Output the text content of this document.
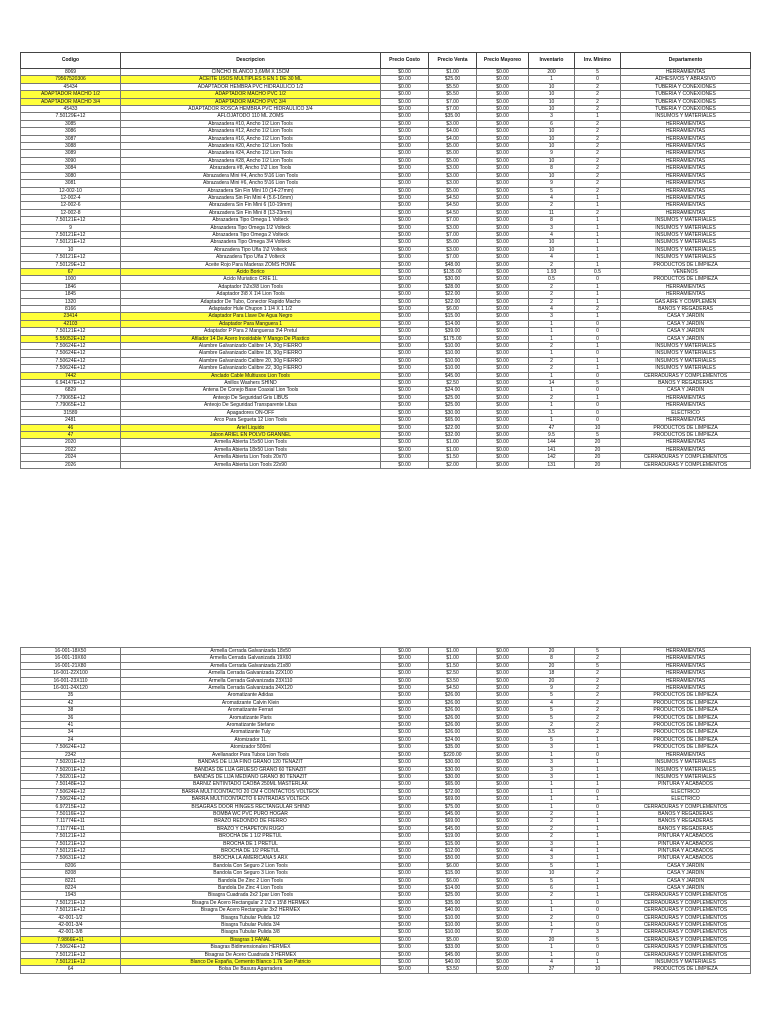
Codigo	Descripcion	Precio Costo	Precio Venta	Precio Mayoreo	Inventario	Inv. Minimo	Departamento
8069	CINCHO BLANCO 3,6MM X 15CM	$0.00	$1.00	$0.00	200	5	HERRAMIENTAS
79567520306	ACEITE USOS MULTIPLES 5 EN 1 DE 30 ML	$0.00	$25.00	$0.00	1	0	ADHESIVOS Y ABRASIVO
45434	ADAPTADOR HEMBRA PVC HIDRAULICO 1/2	$0.00	$5.50	$0.00	10	2	TUBERIA Y CONEXIONES
ADAPTADOR MACHO 1/2	ADAPTADOR MACHO PVC 1/2	$0.00	$5.50	$0.00	10	2	TUBERIA Y CONEXIONES
ADAPTADOR MACHO 3/4	ADAPTADOR MACHO PVC 3/4	$0.00	$7.00	$0.00	10	2	TUBERIA Y CONEXIONES
45433	ADAPTADOR ROSCA HEMBRA PVC HIDRAULICO 3/4	$0.00	$7.00	$0.00	10	2	TUBERIA Y CONEXIONES
7.50129E+12	AFLOJATODO 110 ML ZOMS	$0.00	$35.00	$0.00	3	1	INSUMOS Y MATERIALES
3085	Abrazadera #10, Ancho 1\2 Lion Tools	$0.00	$3.00	$0.00	6	2	HERRAMIENTAS
3086	Abrazadera #12, Ancho 1\2 Lion Tools	$0.00	$4.00	$0.00	10	2	HERRAMIENTAS
3087	Abrazadera #16, Ancho 1\2 Lion Tools	$0.00	$4.00	$0.00	10	2	HERRAMIENTAS
3088	Abrazadera #20, Ancho 1\2 Lion Tools	$0.00	$5.00	$0.00	10	2	HERRAMIENTAS
3089	Abrazadera #24, Ancho 1\2 Lion Tools	$0.00	$5.00	$0.00	9	2	HERRAMIENTAS
3090	Abrazadera #28, Ancho 1\2 Lion Tools	$0.00	$5.00	$0.00	10	2	HERRAMIENTAS
3084	Abrazadera #8, Ancho 1\2 Lion Tools	$0.00	$3.00	$0.00	8	2	HERRAMIENTAS
3080	Abrazadera Mini #4, Ancho 5\16 Lion Tools	$0.00	$3.00	$0.00	10	2	HERRAMIENTAS
3081	Abrazadera Mini #6, Ancho 5\16 Lion Tools	$0.00	$3.00	$0.00	9	2	HERRAMIENTAS
12-002-10	Abrazadera Sin Fin Mini 10 (14-27mm)	$0.00	$5.00	$0.00	5	2	HERRAMIENTAS
12-002-4	Abrazadera Sin Fin Mini 4 (5.6-16mm)	$0.00	$4.50	$0.00	4	1	HERRAMIENTAS
12-002-6	Abrazadera Sin Fin Mini 6 (10-19mm)	$0.00	$4.50	$0.00	2	1	HERRAMIENTAS
12-002-8	Abrazadera Sin Fin Mini 8 (13-23mm)	$0.00	$4.50	$0.00	11	2	HERRAMIENTAS
7.50121E+12	Abrazadera Tipo Omega 1 Volteck	$0.00	$7.00	$0.00	8	1	INSUMOS Y MATERIALES
9	Abrazadera Tipo Omega 1\2 Volteck	$0.00	$3.00	$0.00	3	1	INSUMOS Y MATERIALES
7.50121E+12	Abrazadera Tipo Omega 2 Volteck	$0.00	$7.00	$0.00	4	1	INSUMOS Y MATERIALES
7.50121E+12	Abrazadera Tipo Omega 3\4 Volteck	$0.00	$5.00	$0.00	10	1	INSUMOS Y MATERIALES
10	Abrazadera Tipo Uña 1\2 Volteck	$0.00	$3.00	$0.00	10	1	INSUMOS Y MATERIALES
7.50121E+12	Abrazadera Tipo Uña 2 Volteck	$0.00	$7.00	$0.00	4	1	INSUMOS Y MATERIALES
7.50129E+12	Aceite Rojo Para Maderas ZOMS HOME	$0.00	$48.00	$0.00	2	1	PRODUCTOS DE LIMPIEZA
67	Acido Borico	$0.00	$135.00	$0.00	1.93	0.5	VENENOS
1000	Acido Muriatico CRIE 1L	$0.00	$30.00	$0.00	0.5	0	PRODUCTOS DE LIMPIEZA
1846	Adaptador 1\2x3\8 Lion Tools	$0.00	$28.00	$0.00	2	1	HERRAMIENTAS
1845	Adaptador 3\8 X 1\4 Lion Tools	$0.00	$22.00	$0.00	2	1	HERRAMIENTAS
1320	Adaptador De Tubo, Conector Rapido Macho	$0.00	$22.00	$0.00	2	1	GAS AIRE Y COMPLEMEN
8166	Adaptador Hule Chupon 1 1/4 X 1 1/2	$0.00	$6.00	$0.00	4	2	BAÑOS Y REGADERAS
23414	Adaptador Para Llave De Agua Negro	$0.00	$15.00	$0.00	3	1	CASA Y JARDIN
42103	Adaptador Para Manguera 1	$0.00	$14.00	$0.00	1	0	CASA Y JARDIN
7.50121E+12	Adaptador P Para 2 Mangueras 3\4 Pretul	$0.00	$39.00	$0.00	1	0	CASA Y JARDIN
5.55052E+12	Afilador 14 De Acero Inoxidable Y Mango De Plastico	$0.00	$175.00	$0.00	1	0	CASA Y JARDIN
7.50624E+12	Alambre Galvanizado Calibre 14, 30g FIERRO	$0.00	$10.00	$0.00	2	1	INSUMOS Y MATERIALES
7.50624E+12	Alambre Galvanizado Calibre 18, 30g FIERRO	$0.00	$10.00	$0.00	1	0	INSUMOS Y MATERIALES
7.50624E+12	Alambre Galvanizado Calibre 20, 30g FIERRO	$0.00	$10.00	$0.00	2	1	INSUMOS Y MATERIALES
7.50624E+12	Alambre Galvanizado Calibre 22, 30g FIERRO	$0.00	$10.00	$0.00	2	1	INSUMOS Y MATERIALES
7442	Anclado Cable Multiusos Lion Tools	$0.00	$45.00	$0.00	1	0	CERRADURAS Y COMPLEMENTOS
6.94147E+12	Anillos Washers SHIND	$0.00	$2.50	$0.00	14	5	BAÑOS Y REGADERAS
6829	Antena De Conejo Base Coaxial Lion Tools	$0.00	$24.00	$0.00	1	0	CASA Y JARDIN
7.79065E+12	Anteojo De Seguridad Gris LIBUS	$0.00	$25.00	$0.00	2	1	HERRAMIENTAS
7.79065E+12	Anteojo De Seguridad Transparente Libus	$0.00	$25.00	$0.00	1	0	HERRAMIENTAS
31589	Apagadores ON-OFF	$0.00	$30.00	$0.00	1	0	ELECTRICO
2481	Arco Para Segueta 12 Lion Tools	$0.00	$65.00	$0.00	1	0	HERRAMIENTAS
46	Ariel Liquido	$0.00	$22.00	$0.00	47	10	PRODUCTOS DE LIMPIEZA
47	Jabon ARIEL EN POLVO GRANNEL	$0.00	$32.00	$0.00	9.5	5	PRODUCTOS DE LIMPIEZA
2020	Armella Abierta 15x50 Lion Tools	$0.00	$1.00	$0.00	144	20	HERRAMIENTAS
2022	Armella Abierta 18x50 Lion Tools	$0.00	$1.00	$0.00	141	20	HERRAMIENTAS
2024	Armella Abierta Lion Tools 20x70	$0.00	$1.50	$0.00	142	20	CERRADURAS Y COMPLEMENTOS
2026	Armella Abierta Lion Tools 22x90	$0.00	$2.00	$0.00	131	20	CERRADURAS Y COMPLEMENTOS
16-001-18X50	Armella Cerrada Galvanizada 18x50	$0.00	$1.00	$0.00	20	5	HERRAMIENTAS
16-001-19X60	Armella Cerrada Galvanizada 19X60	$0.00	$1.00	$0.00	8	2	HERRAMIENTAS
16-001-21X80	Armella Cerrada Galvanizada 21x80	$0.00	$1.50	$0.00	20	5	HERRAMIENTAS
16-001-22X100	Armella Cerrada Galvanizada 22X100	$0.00	$2.50	$0.00	18	2	HERRAMIENTAS
16-001-23X110	Armella Cerrada Galvanizada 23X110	$0.00	$3.50	$0.00	20	2	HERRAMIENTAS
16-001-24X120	Armella Cerrada Galvanizada 24X120	$0.00	$4.50	$0.00	9	2	HERRAMIENTAS
35	Aromatizante Adidas	$0.00	$26.00	$0.00	5	2	PRODUCTOS DE LIMPIEZA
42	Aromatizante Calvin Klein	$0.00	$26.00	$0.00	4	2	PRODUCTOS DE LIMPIEZA
38	Aromatizante Ferrari	$0.00	$26.00	$0.00	5	2	PRODUCTOS DE LIMPIEZA
36	Aromatizante Paris	$0.00	$26.00	$0.00	5	2	PRODUCTOS DE LIMPIEZA
41	Aromatizante Stefano	$0.00	$26.00	$0.00	2	2	PRODUCTOS DE LIMPIEZA
34	Aromatizante Tuly	$0.00	$26.00	$0.00	3.5	2	PRODUCTOS DE LIMPIEZA
24	Atomizador 1L	$0.00	$24.00	$0.00	5	1	PRODUCTOS DE LIMPIEZA
7.50624E+12	Atomizador 500ml	$0.00	$35.00	$0.00	3	1	PRODUCTOS DE LIMPIEZA
2342	Avellanador Para Tubos Lion Tools	$0.00	$220.00	$0.00	1	0	HERRAMIENTAS
7.50201E+12	BANDAS DE LIJA FINO GRANO 120 TENAZIT	$0.00	$30.00	$0.00	3	1	INSUMOS Y MATERIALES
7.50201E+12	BANDAS DE LIJA GRUESO GRANO 60 TENAZIT	$0.00	$30.00	$0.00	3	1	INSUMOS Y MATERIALES
7.50201E+12	BANDAS DE LIJA MEDIANO GRANO 80 TENAZIT	$0.00	$30.00	$0.00	3	1	INSUMOS Y MATERIALES
7.50148E+12	BARNIZ ENTINTADO CAOBA 250ML MASTERLAK	$0.00	$65.00	$0.00	1	1	PINTURA Y ACABADOS
7.50624E+12	BARRA MULTICONTACTO 20 CM 4 CONTACTOS VOLTECK	$0.00	$72.00	$0.00	1	0	ELECTRICO
7.50624E+12	BARRA MULTICONTACTO 6 ENTRADAS VOLTECK	$0.00	$69.00	$0.00	1	1	ELECTRICO
6.97215E+12	BISAGRAS DOOR HINGES RECTANGULAR SHIND	$0.00	$75.00	$0.00	1	0	CERRADURAS Y COMPLEMENTOS
7.50116E+12	BOMBA WC PVC PURO HOGAR	$0.00	$45.00	$0.00	2	1	BAÑOS Y REGADERAS
7.11774E+11	BRAZO REDONDO DE FIERRO	$0.00	$69.00	$0.00	2	1	BAÑOS Y REGADERAS
7.11774E+11	BRAZO Y CHAPETON RUGO	$0.00	$45.00	$0.00	2	1	BAÑOS Y REGADERAS
7.50121E+12	BROCHA DE 1 1/2 PRETUL	$0.00	$19.00	$0.00	2	1	PINTURA Y ACABADOS
7.50121E+12	BROCHA DE 1 PRETUL	$0.00	$15.00	$0.00	3	1	PINTURA Y ACABADOS
7.50121E+12	BROCHA DE 1/2 PRETUL	$0.00	$12.00	$0.00	4	1	PINTURA Y ACABADOS
7.50631E+12	BROCHA LA AMERICANA 5 ARX	$0.00	$50.00	$0.00	3	1	PINTURA Y ACABADOS
8206	Bandola Con Seguro 2 Lion Tools	$0.00	$6.00	$0.00	5	1	CASA Y JARDIN
8208	Bandola Con Seguro 3 Lion Tools	$0.00	$15.00	$0.00	10	2	CASA Y JARDIN
8221	Bandola De Zinc 2 Lion Tools	$0.00	$6.00	$0.00	5	1	CASA Y JARDIN
8224	Bandola De Zinc 4 Lion Tools	$0.00	$14.00	$0.00	6	1	CASA Y JARDIN
1943	Bisagra Cuadrada 2x2 1par Lion Tools	$0.00	$25.00	$0.00	2	1	CERRADURAS Y COMPLEMENTOS
7.50121E+12	Bisagra De Acero Rectangular 2 1\2 x 15\8 HERMEX	$0.00	$35.00	$0.00	1	0	CERRADURAS Y COMPLEMENTOS
7.50121E+12	Bisagra De Acero Rectangular 3x2 HERMEX	$0.00	$40.00	$0.00	1	0	CERRADURAS Y COMPLEMENTOS
42-001-1/2	Bisagra Tubular Pulida 1/2	$0.00	$10.00	$0.00	2	0	CERRADURAS Y COMPLEMENTOS
42-001-3/4	Bisagra Tubular Pulida 3/4	$0.00	$10.00	$0.00	1	0	CERRADURAS Y COMPLEMENTOS
42-001-3/8	Bisagra Tubular Pulida 3/8	$0.00	$10.00	$0.00	7	3	CERRADURAS Y COMPLEMENTOS
7.9866E+11	Bisagras 1 FANAL	$0.00	$5.00	$0.00	20	5	CERRADURAS Y COMPLEMENTOS
7.50624E+12	Bisagras Bidimensionales HERMEX	$0.00	$33.00	$0.00	1	0	CERRADURAS Y COMPLEMENTOS
7.50121E+12	Bisagras De Acero Cuadrada 3 HERMEX	$0.00	$45.00	$0.00	1	0	CERRADURAS Y COMPLEMENTOS
7.50121E+12	Blanco De España, Cemento Blanco 1.7k San Patricio	$0.00	$40.00	$0.00	4	1	INSUMOS Y MATERIALES
64	Bolsa De Basura Agarradera	$0.00	$3.50	$0.00	37	10	PRODUCTOS DE LIMPIEZA
